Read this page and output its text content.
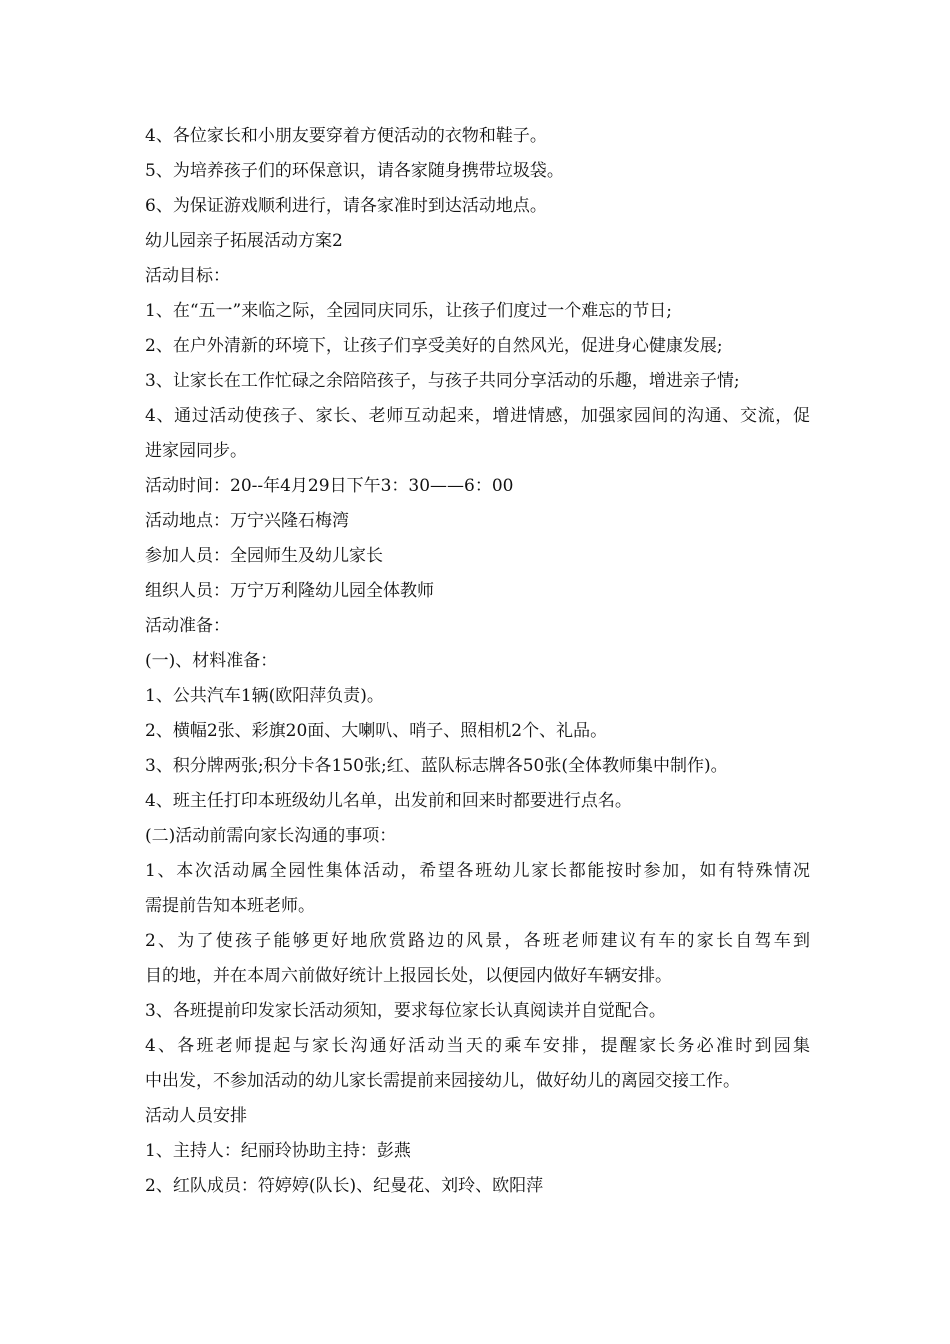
4、各位家长和小朋友要穿着方便活动的衣物和鞋子。
5、为培养孩子们的环保意识，请各家随身携带垃圾袋。
6、为保证游戏顺利进行，请各家准时到达活动地点。
幼儿园亲子拓展活动方案2
活动目标：
1、在“五一”来临之际，全园同庆同乐，让孩子们度过一个难忘的节日;
2、在户外清新的环境下，让孩子们享受美好的自然风光，促进身心健康发展;
3、让家长在工作忙碌之余陪陪孩子，与孩子共同分享活动的乐趣，增进亲子情;
4、通过活动使孩子、家长、老师互动起来，增进情感，加强家园间的沟通、交流，促
进家园同步。
活动时间：20--年4月29日下午3：30——6：00
活动地点：万宁兴隆石梅湾
参加人员：全园师生及幼儿家长
组织人员：万宁万利隆幼儿园全体教师
活动准备：
(一)、材料准备：
1、公共汽车1辆(欧阳萍负责)。
2、横幅2张、彩旗20面、大喇叭、哨子、照相机2个、礼品。
3、积分牌两张;积分卡各150张;红、蓝队标志牌各50张(全体教师集中制作)。
4、班主任打印本班级幼儿名单，出发前和回来时都要进行点名。
(二)活动前需向家长沟通的事项：
1、本次活动属全园性集体活动，希望各班幼儿家长都能按时参加，如有特殊情况
需提前告知本班老师。
2、为了使孩子能够更好地欣赏路边的风景，各班老师建议有车的家长自驾车到
目的地，并在本周六前做好统计上报园长处，以便园内做好车辆安排。
3、各班提前印发家长活动须知，要求每位家长认真阅读并自觉配合。
4、各班老师提起与家长沟通好活动当天的乘车安排，提醒家长务必准时到园集
中出发，不参加活动的幼儿家长需提前来园接幼儿，做好幼儿的离园交接工作。
活动人员安排
1、主持人：纪丽玲协助主持：彭燕
2、红队成员：符婷婷(队长)、纪曼花、刘玲、欧阳萍
